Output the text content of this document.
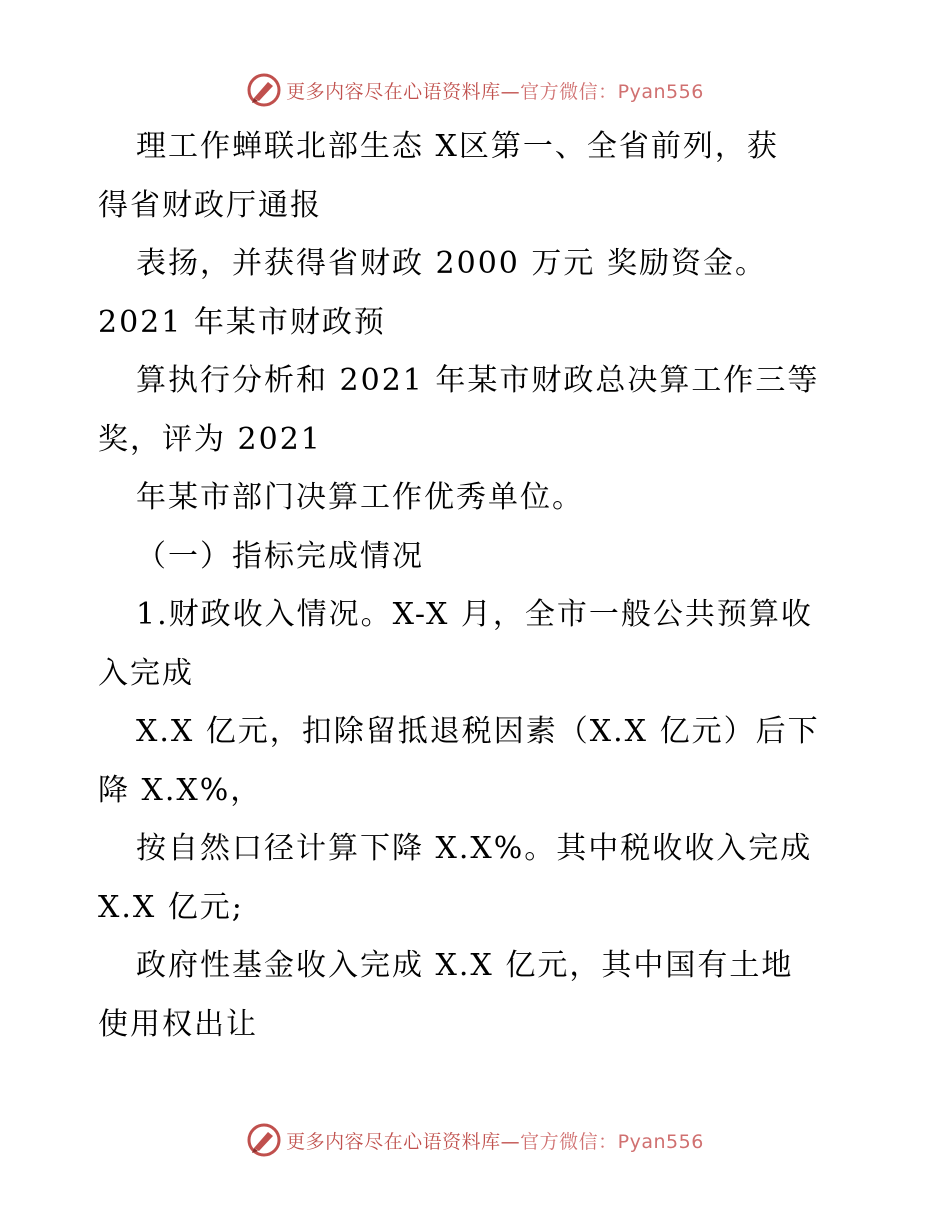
更多内容尽在心语资料库—官方微信：Pyan556
理工作蝉联北部生态 X区第一、全省前列，获
得省财政厅通报
表扬，并获得省财政 2000 万元 奖励资金。
2021 年某市财政预
算执行分析和 2021 年某市财政总决算工作三等
奖，评为 2021
年某市部门决算工作优秀单位。
（一）指标完成情况
1.财政收入情况。X-X 月，全市一般公共预算收
入完成
X.X 亿元，扣除留抵退税因素（X.X 亿元）后下
降 X.X%，
按自然口径计算下降 X.X%。其中税收收入完成
X.X 亿元;
政府性基金收入完成 X.X 亿元，其中国有土地
使用权出让
更多内容尽在心语资料库—官方微信：Pyan556
